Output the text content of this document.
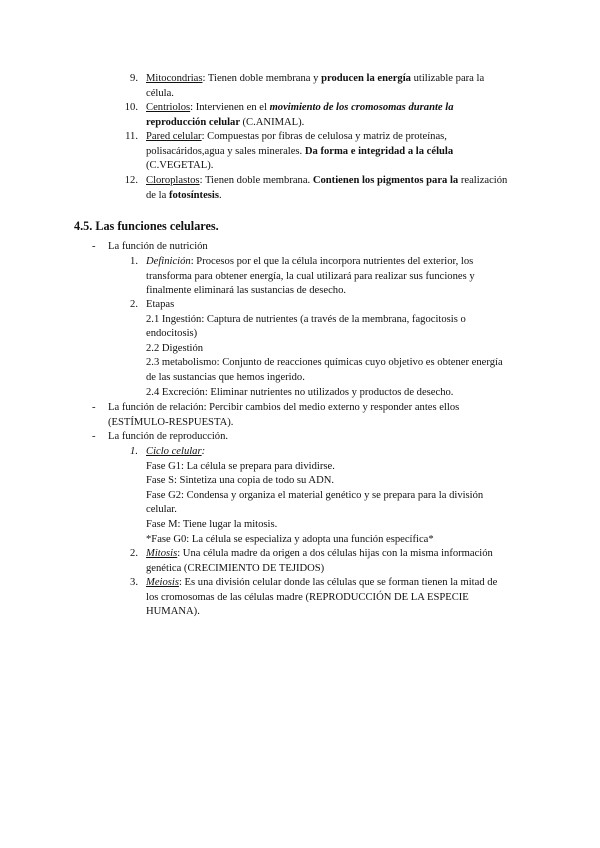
9. Mitocondrias: Tienen doble membrana y producen la energía utilizable para la
célula.
10. Centriolos: Intervienen en el movimiento de los cromosomas durante la
reproducción celular (C.ANIMAL).
11. Pared celular: Compuestas por fibras de celulosa y matriz de proteínas,
polisacáridos,agua y sales minerales. Da forma e integridad a la célula
(C.VEGETAL).
12. Cloroplastos: Tienen doble membrana. Contienen los pigmentos para la realización
de la fotosíntesis.
4.5. Las funciones celulares.
- La función de nutrición
1. Definición: Procesos por el que la célula incorpora nutrientes del exterior, los
transforma para obtener energía, la cual utilizará para realizar sus funciones y
finalmente eliminará las sustancias de desecho.
2. Etapas
2.1 Ingestión: Captura de nutrientes (a través de la membrana, fagocitosis o
endocitosis)
2.2 Digestión
2.3 metabolismo: Conjunto de reacciones químicas cuyo objetivo es obtener energía
de las sustancias que hemos ingerido.
2.4 Excreción: Eliminar nutrientes no utilizados y productos de desecho.
- La función de relación: Percibir cambios del medio externo y responder antes ellos
(ESTÍMULO-RESPUESTA).
- La función de reproducción.
1. Ciclo celular:
Fase G1: La célula se prepara para dividirse.
Fase S: Sintetiza una copia de todo su ADN.
Fase G2: Condensa y organiza el material genético y se prepara para la división
celular.
Fase M: Tiene lugar la mitosis.
*Fase G0: La célula se especializa y adopta una función específica*
2. Mitosis: Una célula madre da origen a dos células hijas con la misma información
genética (CRECIMIENTO DE TEJIDOS)
3. Meiosis: Es una división celular donde las células que se forman tienen la mitad de
los cromosomas de las células madre (REPRODUCCIÓN DE LA ESPECIE
HUMANA).
